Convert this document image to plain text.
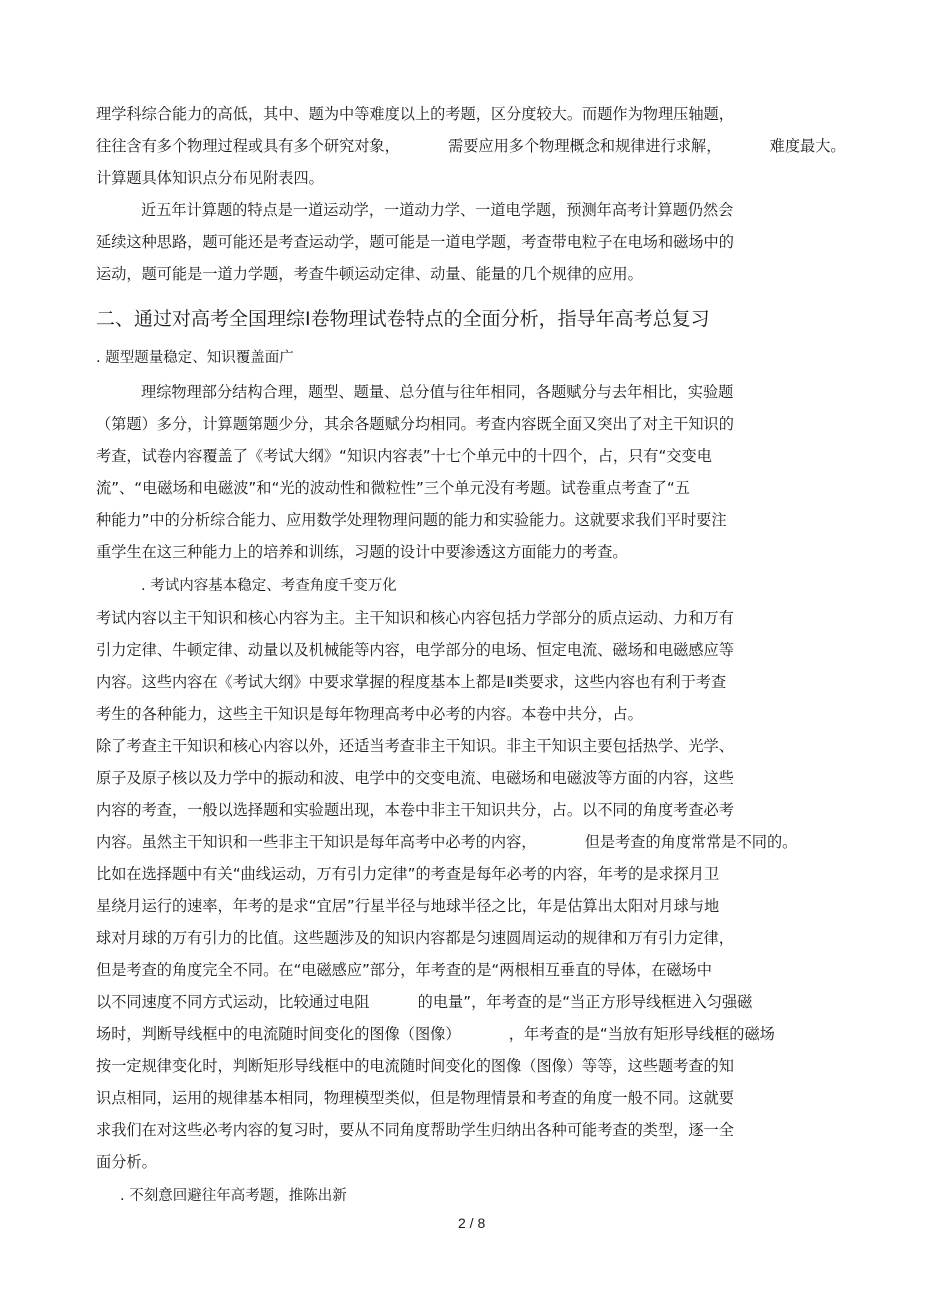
理学科综合能力的高低，其中、题为中等难度以上的考题，区分度较大。而题作为物理压轴题，
往往含有多个物理过程或具有多个研究对象，          需要应用多个物理概念和规律进行求解，          难度最大。
计算题具体知识点分布见附表四。
近五年计算题的特点是一道运动学，一道动力学、一道电学题，预测年高考计算题仍然会
延续这种思路，题可能还是考查运动学，题可能是一道电学题，考查带电粒子在电场和磁场中的
运动，题可能是一道力学题，考查牛顿运动定律、动量、能量的几个规律的应用。
二、通过对高考全国理综Ⅰ卷物理试卷特点的全面分析，指导年高考总复习
. 题型题量稳定、知识覆盖面广
理综物理部分结构合理，题型、题量、总分值与往年相同，各题赋分与去年相比，实验题
（第题）多分，计算题第题少分，其余各题赋分均相同。考查内容既全面又突出了对主干知识的
考查，试卷内容覆盖了《考试大纲》“知识内容表”十七个单元中的十四个，占，只有“交变电
流”、“电磁场和电磁波”和“光的波动性和微粒性”三个单元没有考题。试卷重点考查了“五
种能力”中的分析综合能力、应用数学处理物理问题的能力和实验能力。这就要求我们平时要注
重学生在这三种能力上的培养和训练，习题的设计中要渗透这方面能力的考查。
. 考试内容基本稳定、考查角度千变万化
考试内容以主干知识和核心内容为主。主干知识和核心内容包括力学部分的质点运动、力和万有
引力定律、牛顿定律、动量以及机械能等内容，电学部分的电场、恒定电流、磁场和电磁感应等
内容。这些内容在《考试大纲》中要求掌握的程度基本上都是Ⅱ类要求，这些内容也有利于考查
考生的各种能力，这些主干知识是每年物理高考中必考的内容。本卷中共分，占。
除了考查主干知识和核心内容以外，还适当考查非主干知识。非主干知识主要包括热学、光学、
原子及原子核以及力学中的振动和波、电学中的交变电流、电磁场和电磁波等方面的内容，这些
内容的考查，一般以选择题和实验题出现，本卷中非主干知识共分，占。以不同的角度考查必考
内容。虽然主干知识和一些非主干知识是每年高考中必考的内容，          但是考查的角度常常是不同的。
比如在选择题中有关“曲线运动，万有引力定律”的考查是每年必考的内容，年考的是求探月卫
星绕月运行的速率，年考的是求“宜居”行星半径与地球半径之比，年是估算出太阳对月球与地
球对月球的万有引力的比值。这些题涉及的知识内容都是匀速圆周运动的规律和万有引力定律，
但是考查的角度完全不同。在“电磁感应”部分，年考查的是“两根相互垂直的导体，在磁场中
以不同速度不同方式运动，比较通过电阻          的电量”，年考查的是“当正方形导线框进入匀强磁
场时，判断导线框中的电流随时间变化的图像（图像）          ，年考查的是“当放有矩形导线框的磁场
按一定规律变化时，判断矩形导线框中的电流随时间变化的图像（图像）等等，这些题考查的知
识点相同，运用的规律基本相同，物理模型类似，但是物理情景和考查的角度一般不同。这就要
求我们在对这些必考内容的复习时，要从不同角度帮助学生归纳出各种可能考查的类型，逐一全
面分析。
. 不刻意回避往年高考题，推陈出新
2 / 8
